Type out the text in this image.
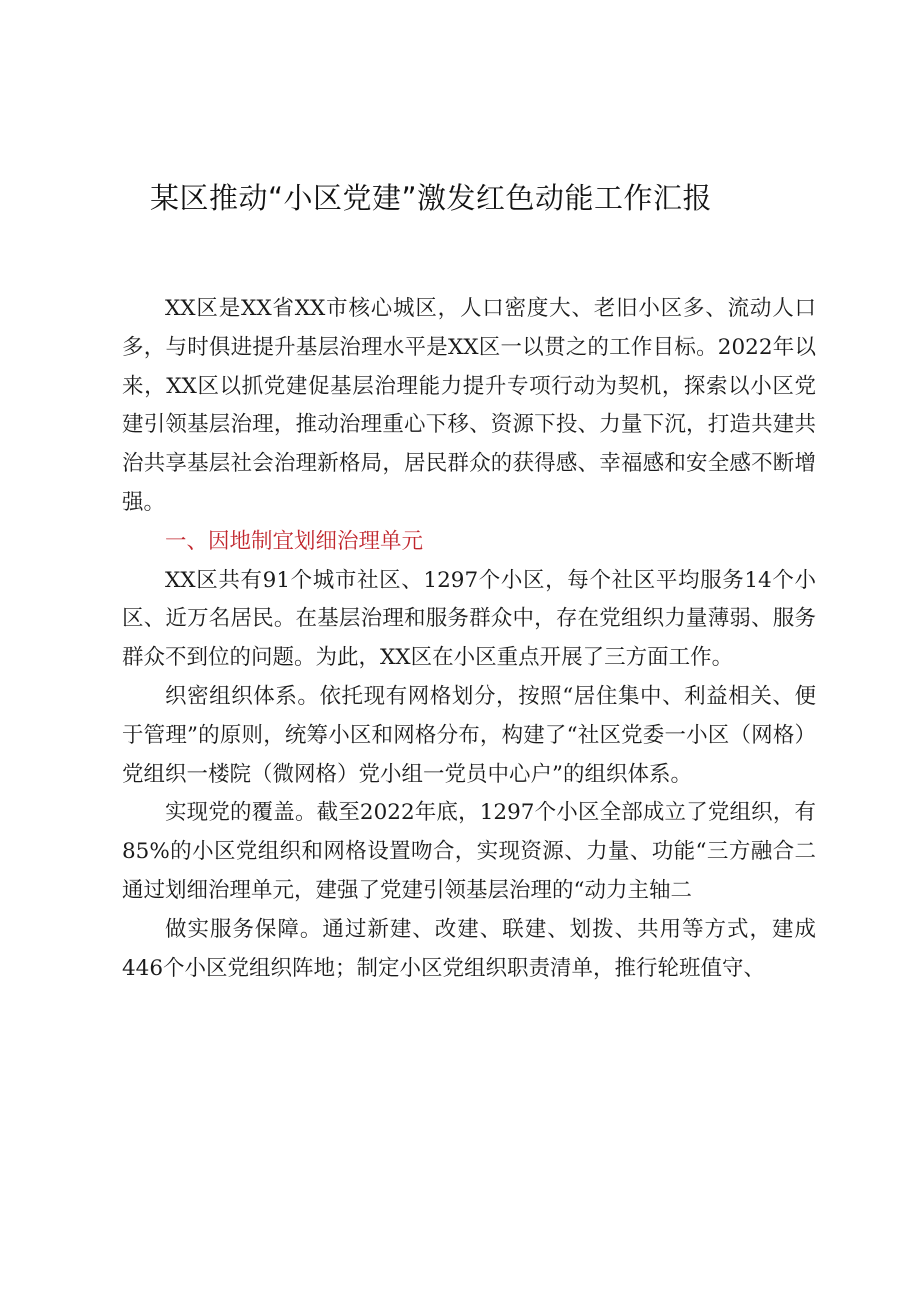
某区推动“小区党建”激发红色动能工作汇报

XX区是XX省XX市核心城区，人口密度大、老旧小区多、流动人口多，与时俱进提升基层治理水平是XX区一以贯之的工作目标。2022年以来，XX区以抓党建促基层治理能力提升专项行动为契机，探索以小区党建引领基层治理，推动治理重心下移、资源下投、力量下沉，打造共建共治共享基层社会治理新格局，居民群众的获得感、幸福感和安全感不断增强。

一、因地制宜划细治理单元

XX区共有91个城市社区、1297个小区，每个社区平均服务14个小区、近万名居民。在基层治理和服务群众中，存在党组织力量薄弱、服务群众不到位的问题。为此，XX区在小区重点开展了三方面工作。

织密组织体系。依托现有网格划分，按照“居住集中、利益相关、便于管理”的原则，统筹小区和网格分布，构建了“社区党委一小区（网格）党组织一楼院（微网格）党小组一党员中心户”的组织体系。

实现党的覆盖。截至2022年底，1297个小区全部成立了党组织，有85%的小区党组织和网格设置吻合，实现资源、力量、功能“三方融合二通过划细治理单元，建强了党建引领基层治理的“动力主轴二

做实服务保障。通过新建、改建、联建、划拨、共用等方式，建成446个小区党组织阵地；制定小区党组织职责清单，推行轮班值守、
